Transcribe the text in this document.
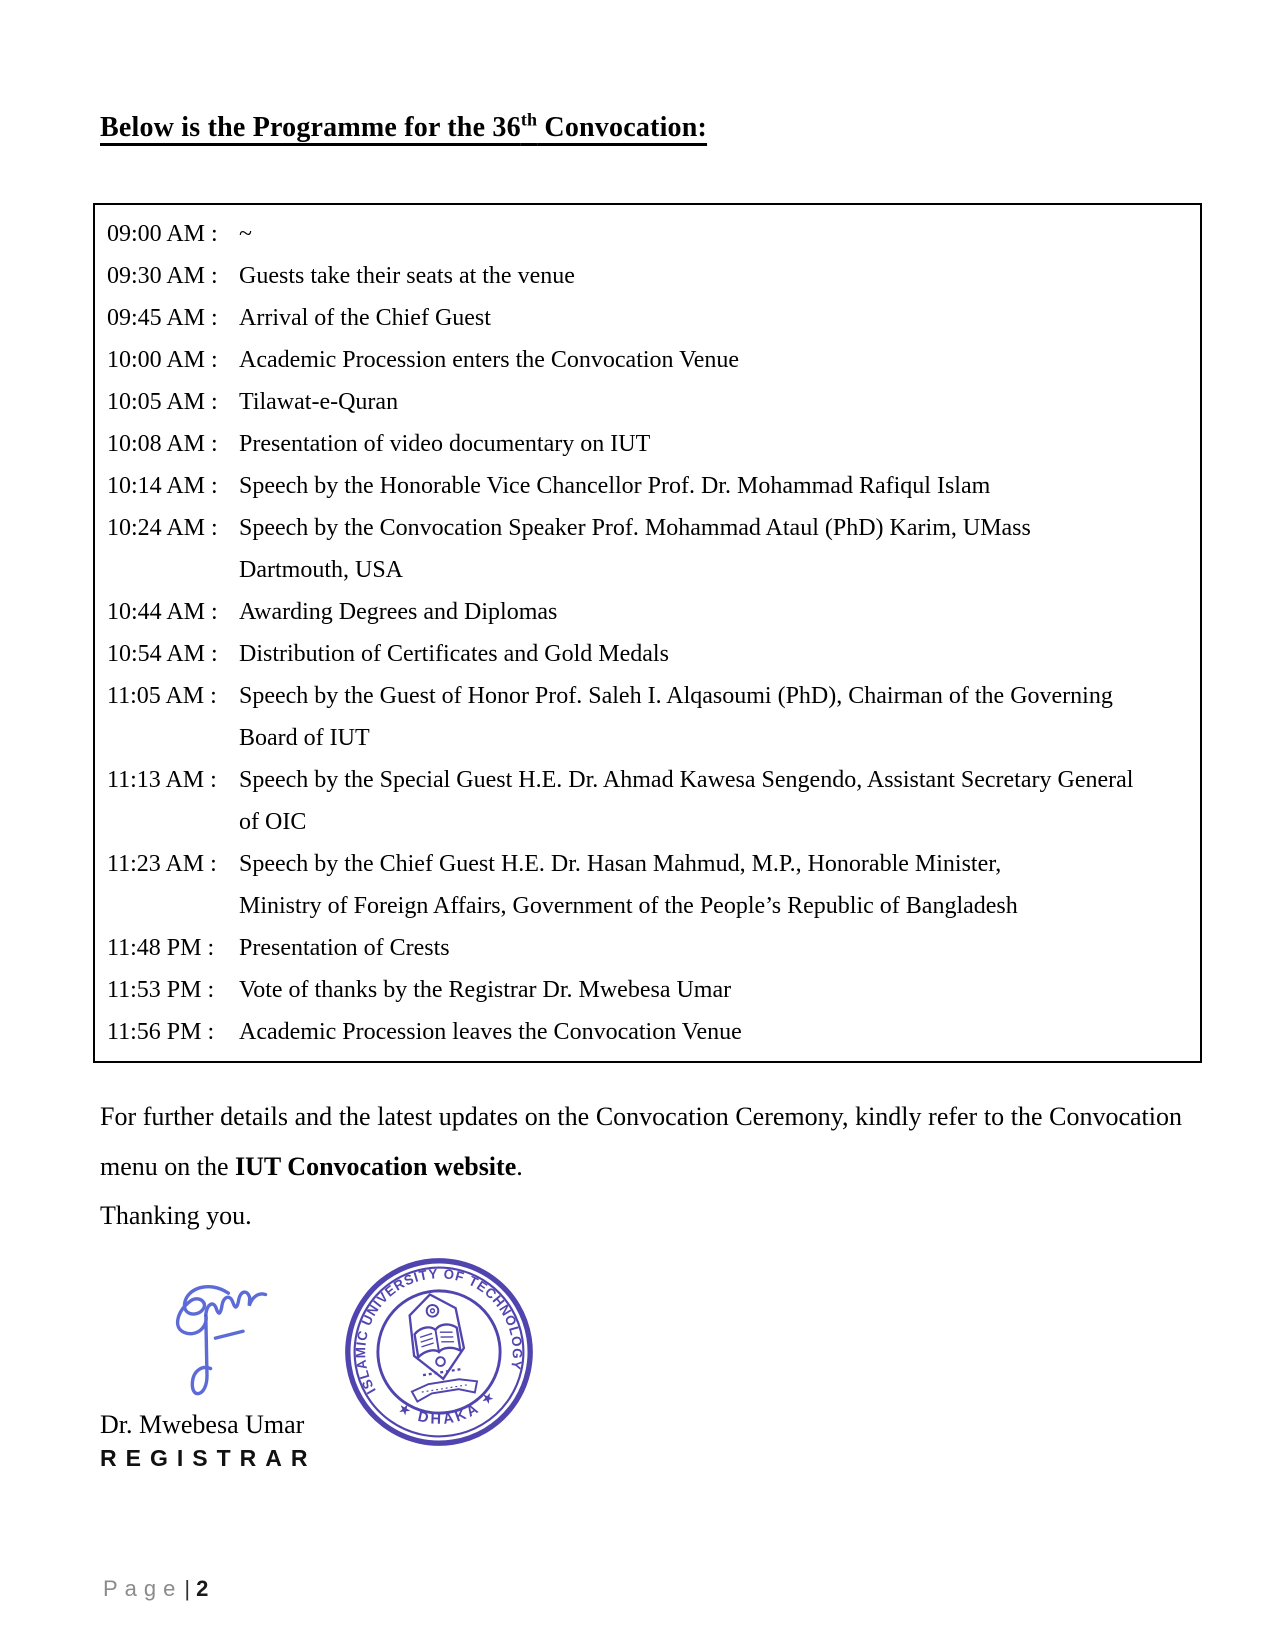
Below is the Programme for the 36th Convocation:
09:00 AM : ~
09:30 AM : Guests take their seats at the venue
09:45 AM : Arrival of the Chief Guest
10:00 AM : Academic Procession enters the Convocation Venue
10:05 AM : Tilawat-e-Quran
10:08 AM : Presentation of video documentary on IUT
10:14 AM : Speech by the Honorable Vice Chancellor Prof. Dr. Mohammad Rafiqul Islam
10:24 AM : Speech by the Convocation Speaker Prof. Mohammad Ataul (PhD) Karim, UMass
Dartmouth, USA
10:44 AM : Awarding Degrees and Diplomas
10:54 AM : Distribution of Certificates and Gold Medals
11:05 AM : Speech by the Guest of Honor Prof. Saleh I. Alqasoumi (PhD), Chairman of the Governing
Board of IUT
11:13 AM : Speech by the Special Guest H.E. Dr. Ahmad Kawesa Sengendo, Assistant Secretary General
of OIC
11:23 AM : Speech by the Chief Guest H.E. Dr. Hasan Mahmud, M.P., Honorable Minister,
Ministry of Foreign Affairs, Government of the People’s Republic of Bangladesh
11:48 PM :	Presentation of Crests
11:53 PM :	Vote of thanks by the Registrar Dr. Mwebesa Umar
11:56 PM :	Academic Procession leaves the Convocation Venue

For further details and the latest updates on the Convocation Ceremony, kindly refer to the Convocation menu on the IUT Convocation website.

Thanking you.

ISLAMIC UNIVERSITY OF TECHNOLOGY
★ DHAKA ★
Dr. Mwebesa Umar
REGISTRAR
Page| 2
